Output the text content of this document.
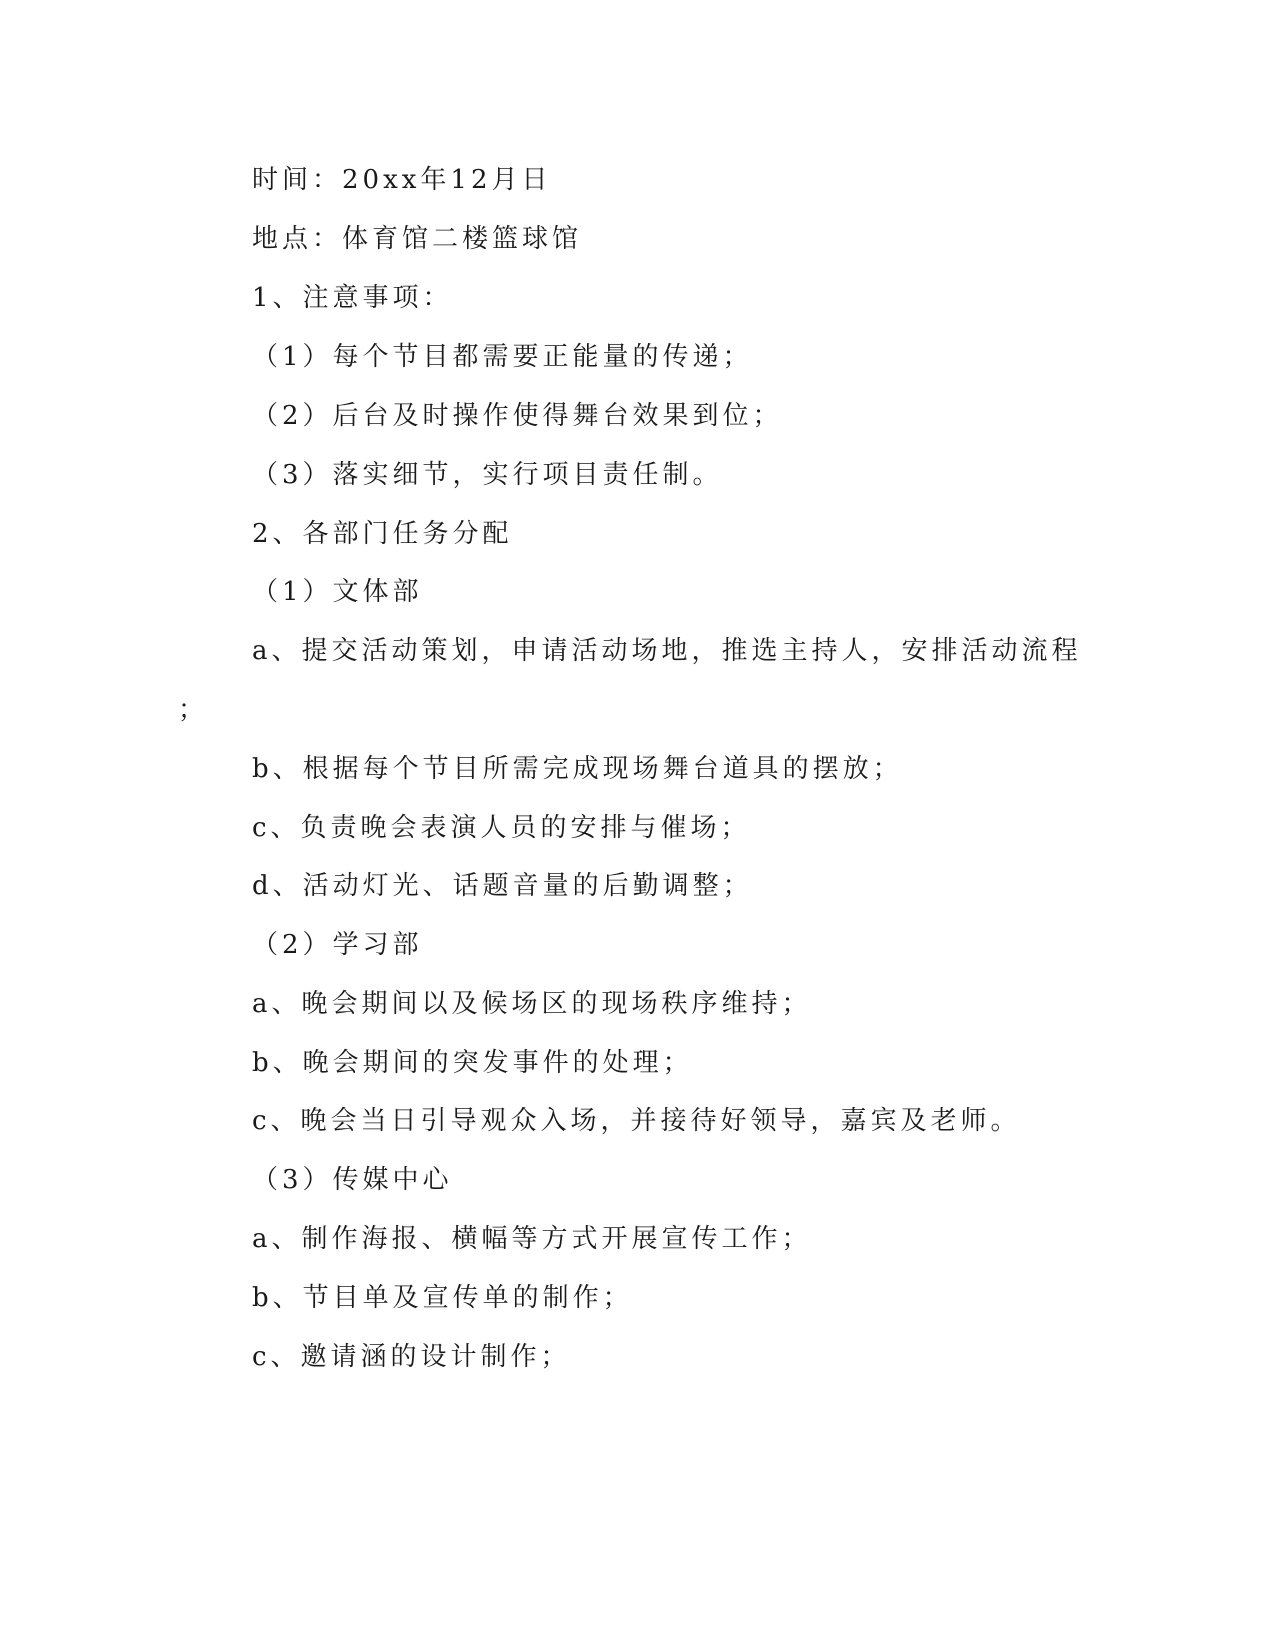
时间：20xx年12月日
地点：体育馆二楼篮球馆
1、注意事项：
（1）每个节目都需要正能量的传递；
（2）后台及时操作使得舞台效果到位；
（3）落实细节，实行项目责任制。
2、各部门任务分配
（1）文体部
a、提交活动策划，申请活动场地，推选主持人，安排活动流程
；
b、根据每个节目所需完成现场舞台道具的摆放；
c、负责晚会表演人员的安排与催场；
d、活动灯光、话题音量的后勤调整；
（2）学习部
a、晚会期间以及候场区的现场秩序维持；
b、晚会期间的突发事件的处理；
c、晚会当日引导观众入场，并接待好领导，嘉宾及老师。
（3）传媒中心
a、制作海报、横幅等方式开展宣传工作；
b、节目单及宣传单的制作；
c、邀请涵的设计制作；
